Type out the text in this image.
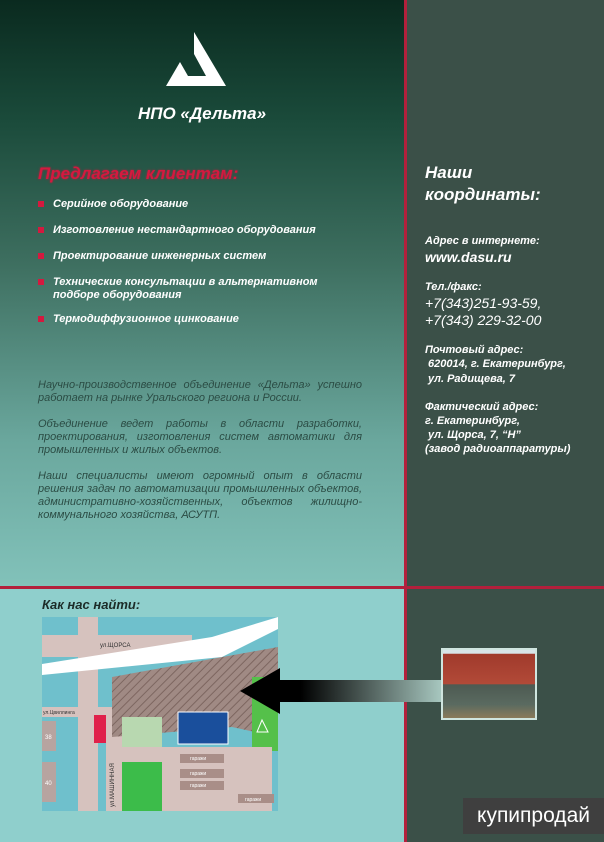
НПО «Дельта»
Предлагаем клиентам:
Серийное оборудование
Изготовление нестандартного оборудования
Проектирование инженерных систем
Технические консультации в альтернативном подборе оборудования
Термодиффузионное цинкование

Научно-производственное объединение «Дельта» успешно работает на рынке Уральского региона и России.

Объединение ведет работы в области разработки, проектирования, изготовления систем автоматики для промышленных и жилых объектов.

Наши специалисты имеют огромный опыт в области решения задач по автоматизации промышленных объектов, административно-хозяйственных, объектов жилищно-коммунального хозяйства, АСУТП.

Наши
координаты:
Адрес в интернете:
www.dasu.ru
Тел./факс:
+7(343)251-93-59,
+7(343) 229-32-00
Почтовый адрес:
620014, г. Екатеринбург,
ул. Радищева, 7
Фактический адрес:
г. Екатеринбург,
ул. Щорса, 7, “Н”
(завод радиоаппаратуры)
Как нас найти:
ул.ЩОРСА
ул.Цвиллинга
ул.МАШИННАЯ
38
40
гаражи
гаражи
гаражи
гаражи
купипродай
